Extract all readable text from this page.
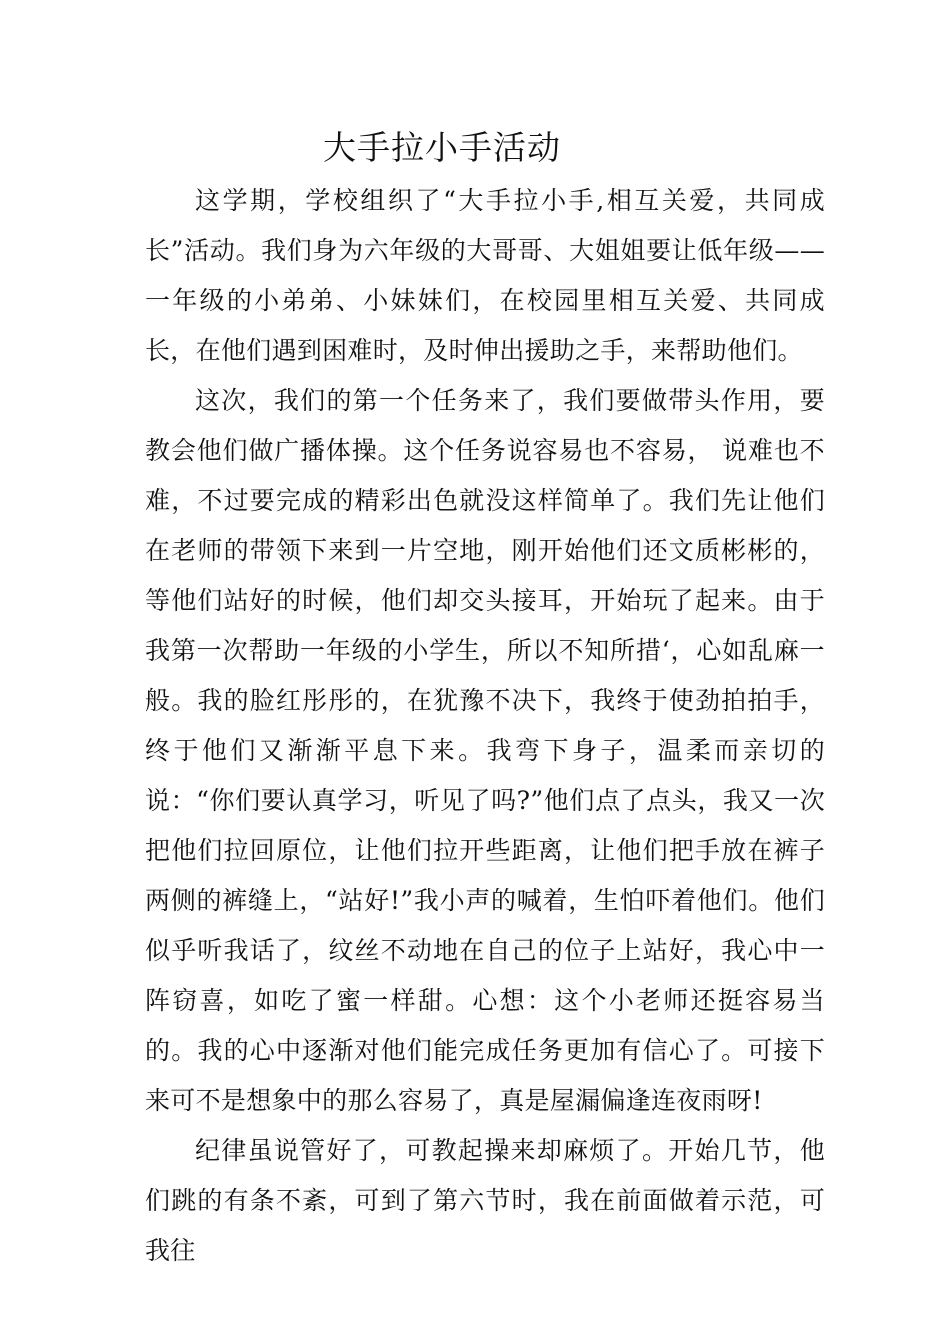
大手拉小手活动

这学期，学校组织了“大手拉小手,相互关爱，共同成长”活动。我们身为六年级的大哥哥、大姐姐要让低年级——一年级的小弟弟、小妹妹们，在校园里相互关爱、共同成长，在他们遇到困难时，及时伸出援助之手，来帮助他们。

这次，我们的第一个任务来了，我们要做带头作用，要教会他们做广播体操。这个任务说容易也不容易， 说难也不难，不过要完成的精彩出色就没这样简单了。我们先让他们在老师的带领下来到一片空地，刚开始他们还文质彬彬的，等他们站好的时候，他们却交头接耳，开始玩了起来。由于我第一次帮助一年级的小学生，所以不知所措‘，心如乱麻一般。我的脸红彤彤的，在犹豫不决下，我终于使劲拍拍手，终于他们又渐渐平息下来。我弯下身子，温柔而亲切的说：“你们要认真学习，听见了吗?”他们点了点头，我又一次把他们拉回原位，让他们拉开些距离，让他们把手放在裤子两侧的裤缝上，“站好!”我小声的喊着，生怕吓着他们。他们似乎听我话了，纹丝不动地在自己的位子上站好，我心中一阵窃喜，如吃了蜜一样甜。心想：这个小老师还挺容易当的。我的心中逐渐对他们能完成任务更加有信心了。可接下来可不是想象中的那么容易了，真是屋漏偏逢连夜雨呀!

纪律虽说管好了，可教起操来却麻烦了。开始几节，他们跳的有条不紊，可到了第六节时，我在前面做着示范，可我往
